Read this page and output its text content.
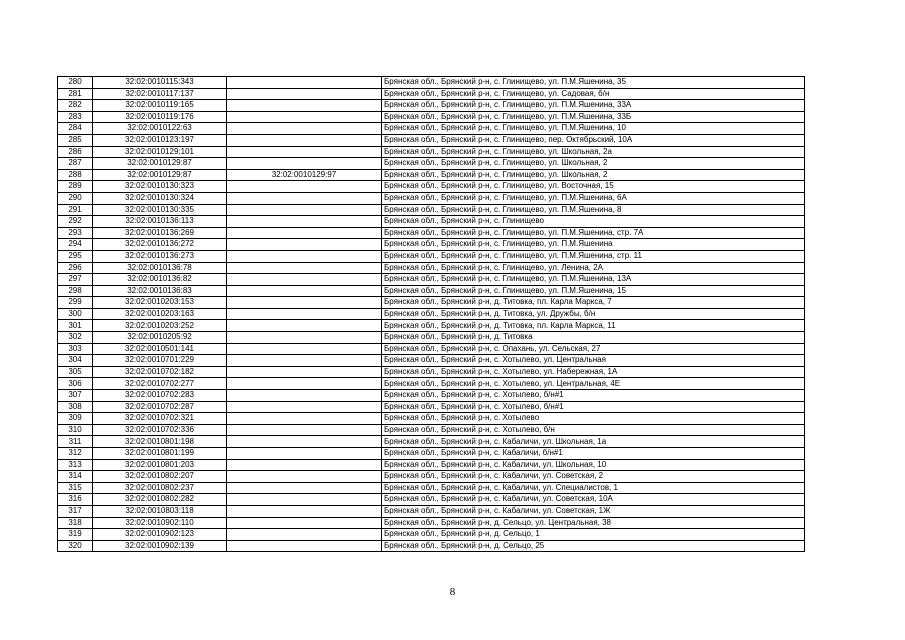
280	32:02:0010115:343		Брянская обл., Брянский р-н, с. Глинищево, ул. П.М.Яшенина, 35
281	32:02:0010117:137		Брянская обл., Брянский р-н, с. Глинищево, ул. Садовая, б/н
282	32:02:0010119:165		Брянская обл., Брянский р-н, с. Глинищево, ул. П.М.Яшенина, 33А
283	32:02:0010119:176		Брянская обл., Брянский р-н, с. Глинищево, ул. П.М.Яшенина, 33Б
284	32:02:0010122:63		Брянская обл., Брянский р-н, с. Глинищево, ул. П.М.Яшенина, 10
285	32:02:0010123:197		Брянская обл., Брянский р-н, с. Глинищево, пер. Октябрьский, 10А
286	32:02:0010129:101		Брянская обл., Брянский р-н, с. Глинищево, ул. Школьная, 2а
287	32:02:0010129:87		Брянская обл., Брянский р-н, с. Глинищево, ул. Школьная, 2
288	32:02:0010129:87	32:02:0010129:97	Брянская обл., Брянский р-н, с. Глинищево, ул. Школьная, 2
289	32:02:0010130:323		Брянская обл., Брянский р-н, с. Глинищево, ул. Восточная, 15
290	32:02:0010130:324		Брянская обл., Брянский р-н, с. Глинищево, ул. П.М.Яшенина, 6А
291	32:02:0010130:335		Брянская обл., Брянский р-н, с. Глинищево, ул. П.М.Яшенина, 8
292	32:02:0010136:113		Брянская обл., Брянский р-н, с. Глинищево
293	32:02:0010136:269		Брянская обл., Брянский р-н, с. Глинищево, ул. П.М.Яшенина, стр. 7А
294	32:02:0010136:272		Брянская обл., Брянский р-н, с. Глинищево, ул. П.М.Яшенина
295	32:02:0010136:273		Брянская обл., Брянский р-н, с. Глинищево, ул. П.М.Яшенина, стр. 11
296	32:02:0010136:78		Брянская обл., Брянский р-н, с. Глинищево, ул. Ленина, 2А
297	32:02:0010136:82		Брянская обл., Брянский р-н, с. Глинищево, ул. П.М.Яшенина, 13А
298	32:02:0010136:83		Брянская обл., Брянский р-н, с. Глинищево, ул. П.М.Яшенина, 15
299	32:02:0010203:153		Брянская обл., Брянский р-н, д. Титовка, пл. Карла Маркса, 7
300	32:02:0010203:163		Брянская обл., Брянский р-н, д. Титовка, ул. Дружбы, б/н
301	32:02:0010203:252		Брянская обл., Брянский р-н, д. Титовка, пл. Карла Маркса, 11
302	32:02:0010205:92		Брянская обл., Брянский р-н, д. Титовка
303	32:02:0010501:141		Брянская обл., Брянский р-н, с. Опахань, ул. Сельская, 27
304	32:02:0010701:229		Брянская обл., Брянский р-н, с. Хотылево, ул. Центральная
305	32:02:0010702:182		Брянская обл., Брянский р-н, с. Хотылево, ул. Набережная, 1А
306	32:02:0010702:277		Брянская обл., Брянский р-н, с. Хотылево, ул. Центральная, 4Е
307	32:02:0010702:283		Брянская обл., Брянский р-н, с. Хотылево, б/н#1
308	32:02:0010702:287		Брянская обл., Брянский р-н, с. Хотылево, б/н#1
309	32:02:0010702:321		Брянская обл., Брянский р-н, с. Хотылево
310	32:02:0010702:336		Брянская обл., Брянский р-н, с. Хотылево, б/н
311	32:02:0010801:198		Брянская обл., Брянский р-н, с. Кабаличи, ул. Школьная, 1а
312	32:02:0010801:199		Брянская обл., Брянский р-н, с. Кабаличи, б/н#1
313	32:02:0010801:203		Брянская обл., Брянский р-н, с. Кабаличи, ул. Школьная, 10
314	32:02:0010802:207		Брянская обл., Брянский р-н, с. Кабаличи, ул. Советская, 2
315	32:02:0010802:237		Брянская обл., Брянский р-н, с. Кабаличи, ул. Специалистов, 1
316	32:02:0010802:282		Брянская обл., Брянский р-н, с. Кабаличи, ул. Советская, 10А
317	32:02:0010803:118		Брянская обл., Брянский р-н, с. Кабаличи, ул. Советская, 1Ж
318	32:02:0010902:110		Брянская обл., Брянский р-н, д. Сельцо, ул. Центральная, 38
319	32:02:0010902:123		Брянская обл., Брянский р-н, д. Сельцо, 1
320	32:02:0010902:139		Брянская обл., Брянский р-н, д. Сельцо, 25
8
